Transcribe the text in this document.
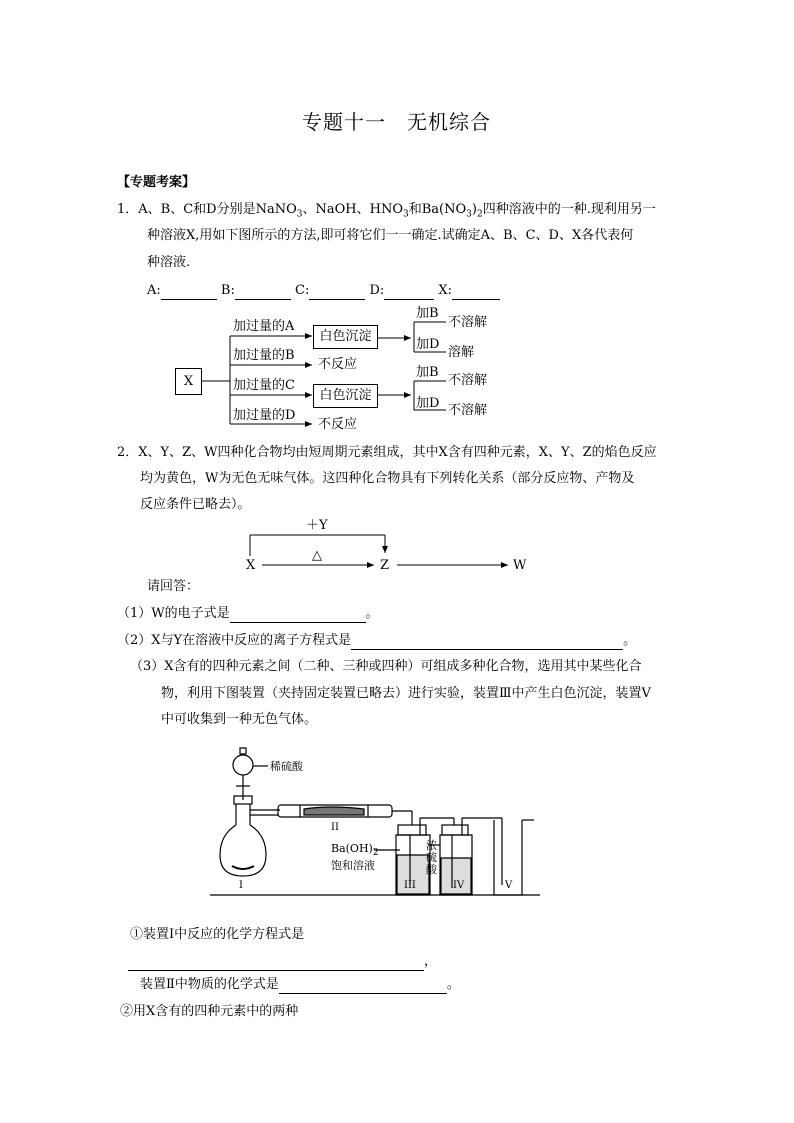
专题十一　无机综合
【专题考案】
1．A、B、C和D分别是NaNO$_3$、NaOH、$HNO_3$和$Ba(NO_3)_2$四种溶液中的一种.现利用另一
种溶液X,用如下图所示的方法,即可将它们一一确定.试确定A、B、C、D、X各代表何
种溶液.
A:	B:	C:	D:	X:
X
加过量的A
加过量的B
加过量的C
加过量的D
白色沉淀
不反应
白色沉淀
不反应
加B
不溶解
加D
溶解
加B
不溶解
加D 不溶解
2．X、Y、Z、W四种化合物均由短周期元素组成，其中X含有四种元素，X、Y、Z的焰色反应
均为黄色，W为无色无味气体。这四种化合物具有下列转化关系（部分反应物、产物及
反应条件已略去）。
＋Y
△
X	Z	W
请回答：
（1）W的电子式是	。
（2）X与Y在溶液中反应的离子方程式是	。
（3）X含有的四种元素之间（二种、三种或四种）可组成多种化合物，选用其中某些化合
物，利用下图装置（夹持固定装置已略去）进行实验，装置Ⅲ中产生白色沉淀，装置Ⅴ
中可收集到一种无色气体。
稀硫酸
$Ba(OH)_2$
饱和溶液
浓硫酸
I
II
III	IV	V
①装置Ⅰ中反应的化学方程式是
，
装置Ⅱ中物质的化学式是	。
②用X含有的四种元素中的两种
